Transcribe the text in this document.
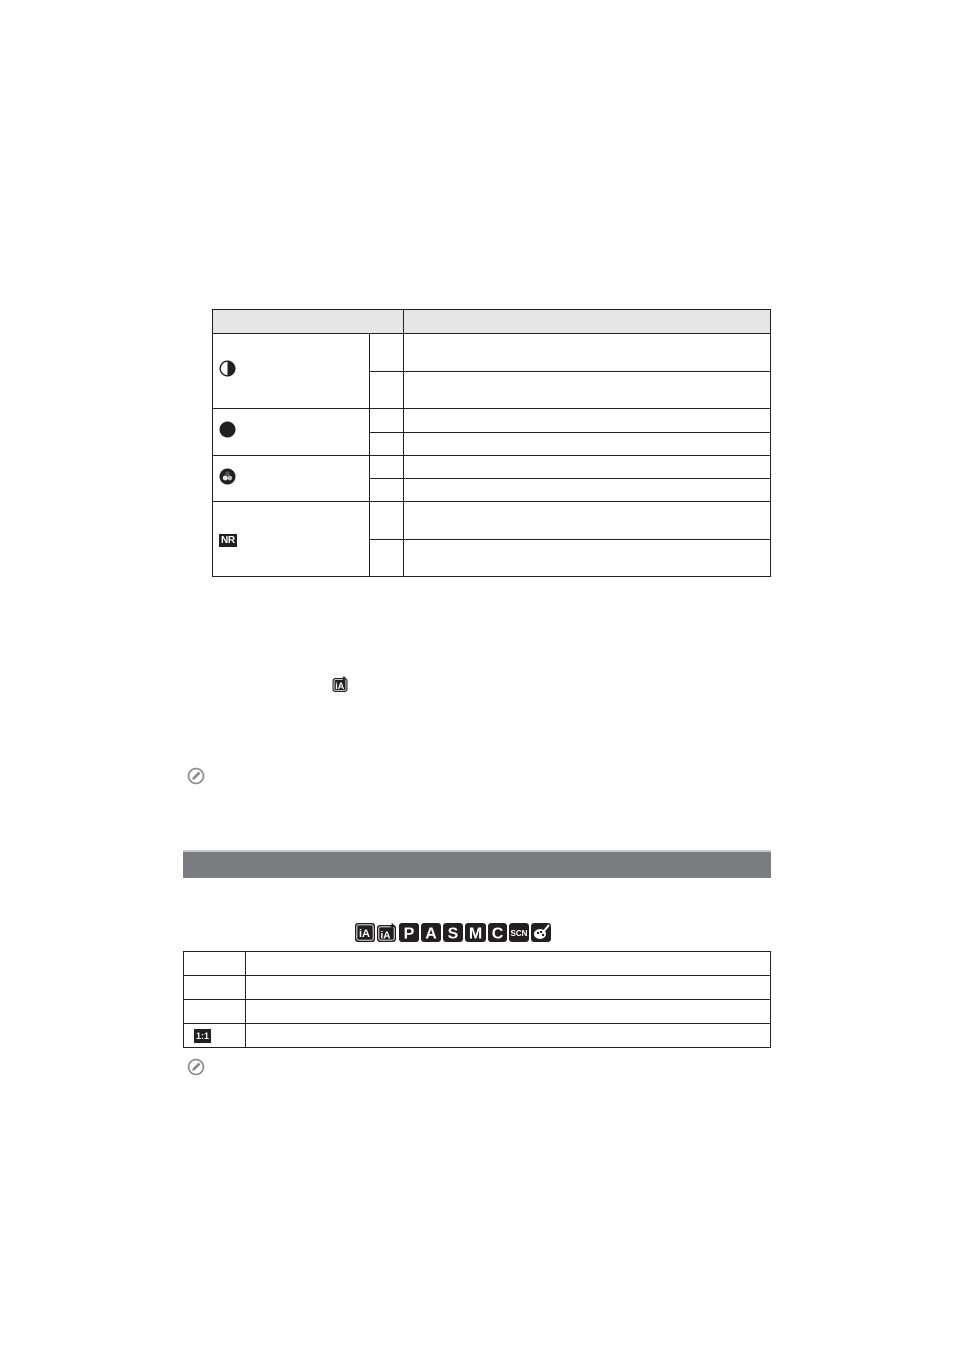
NR		

iA
iA iA P A S M C SCN

1:1	
